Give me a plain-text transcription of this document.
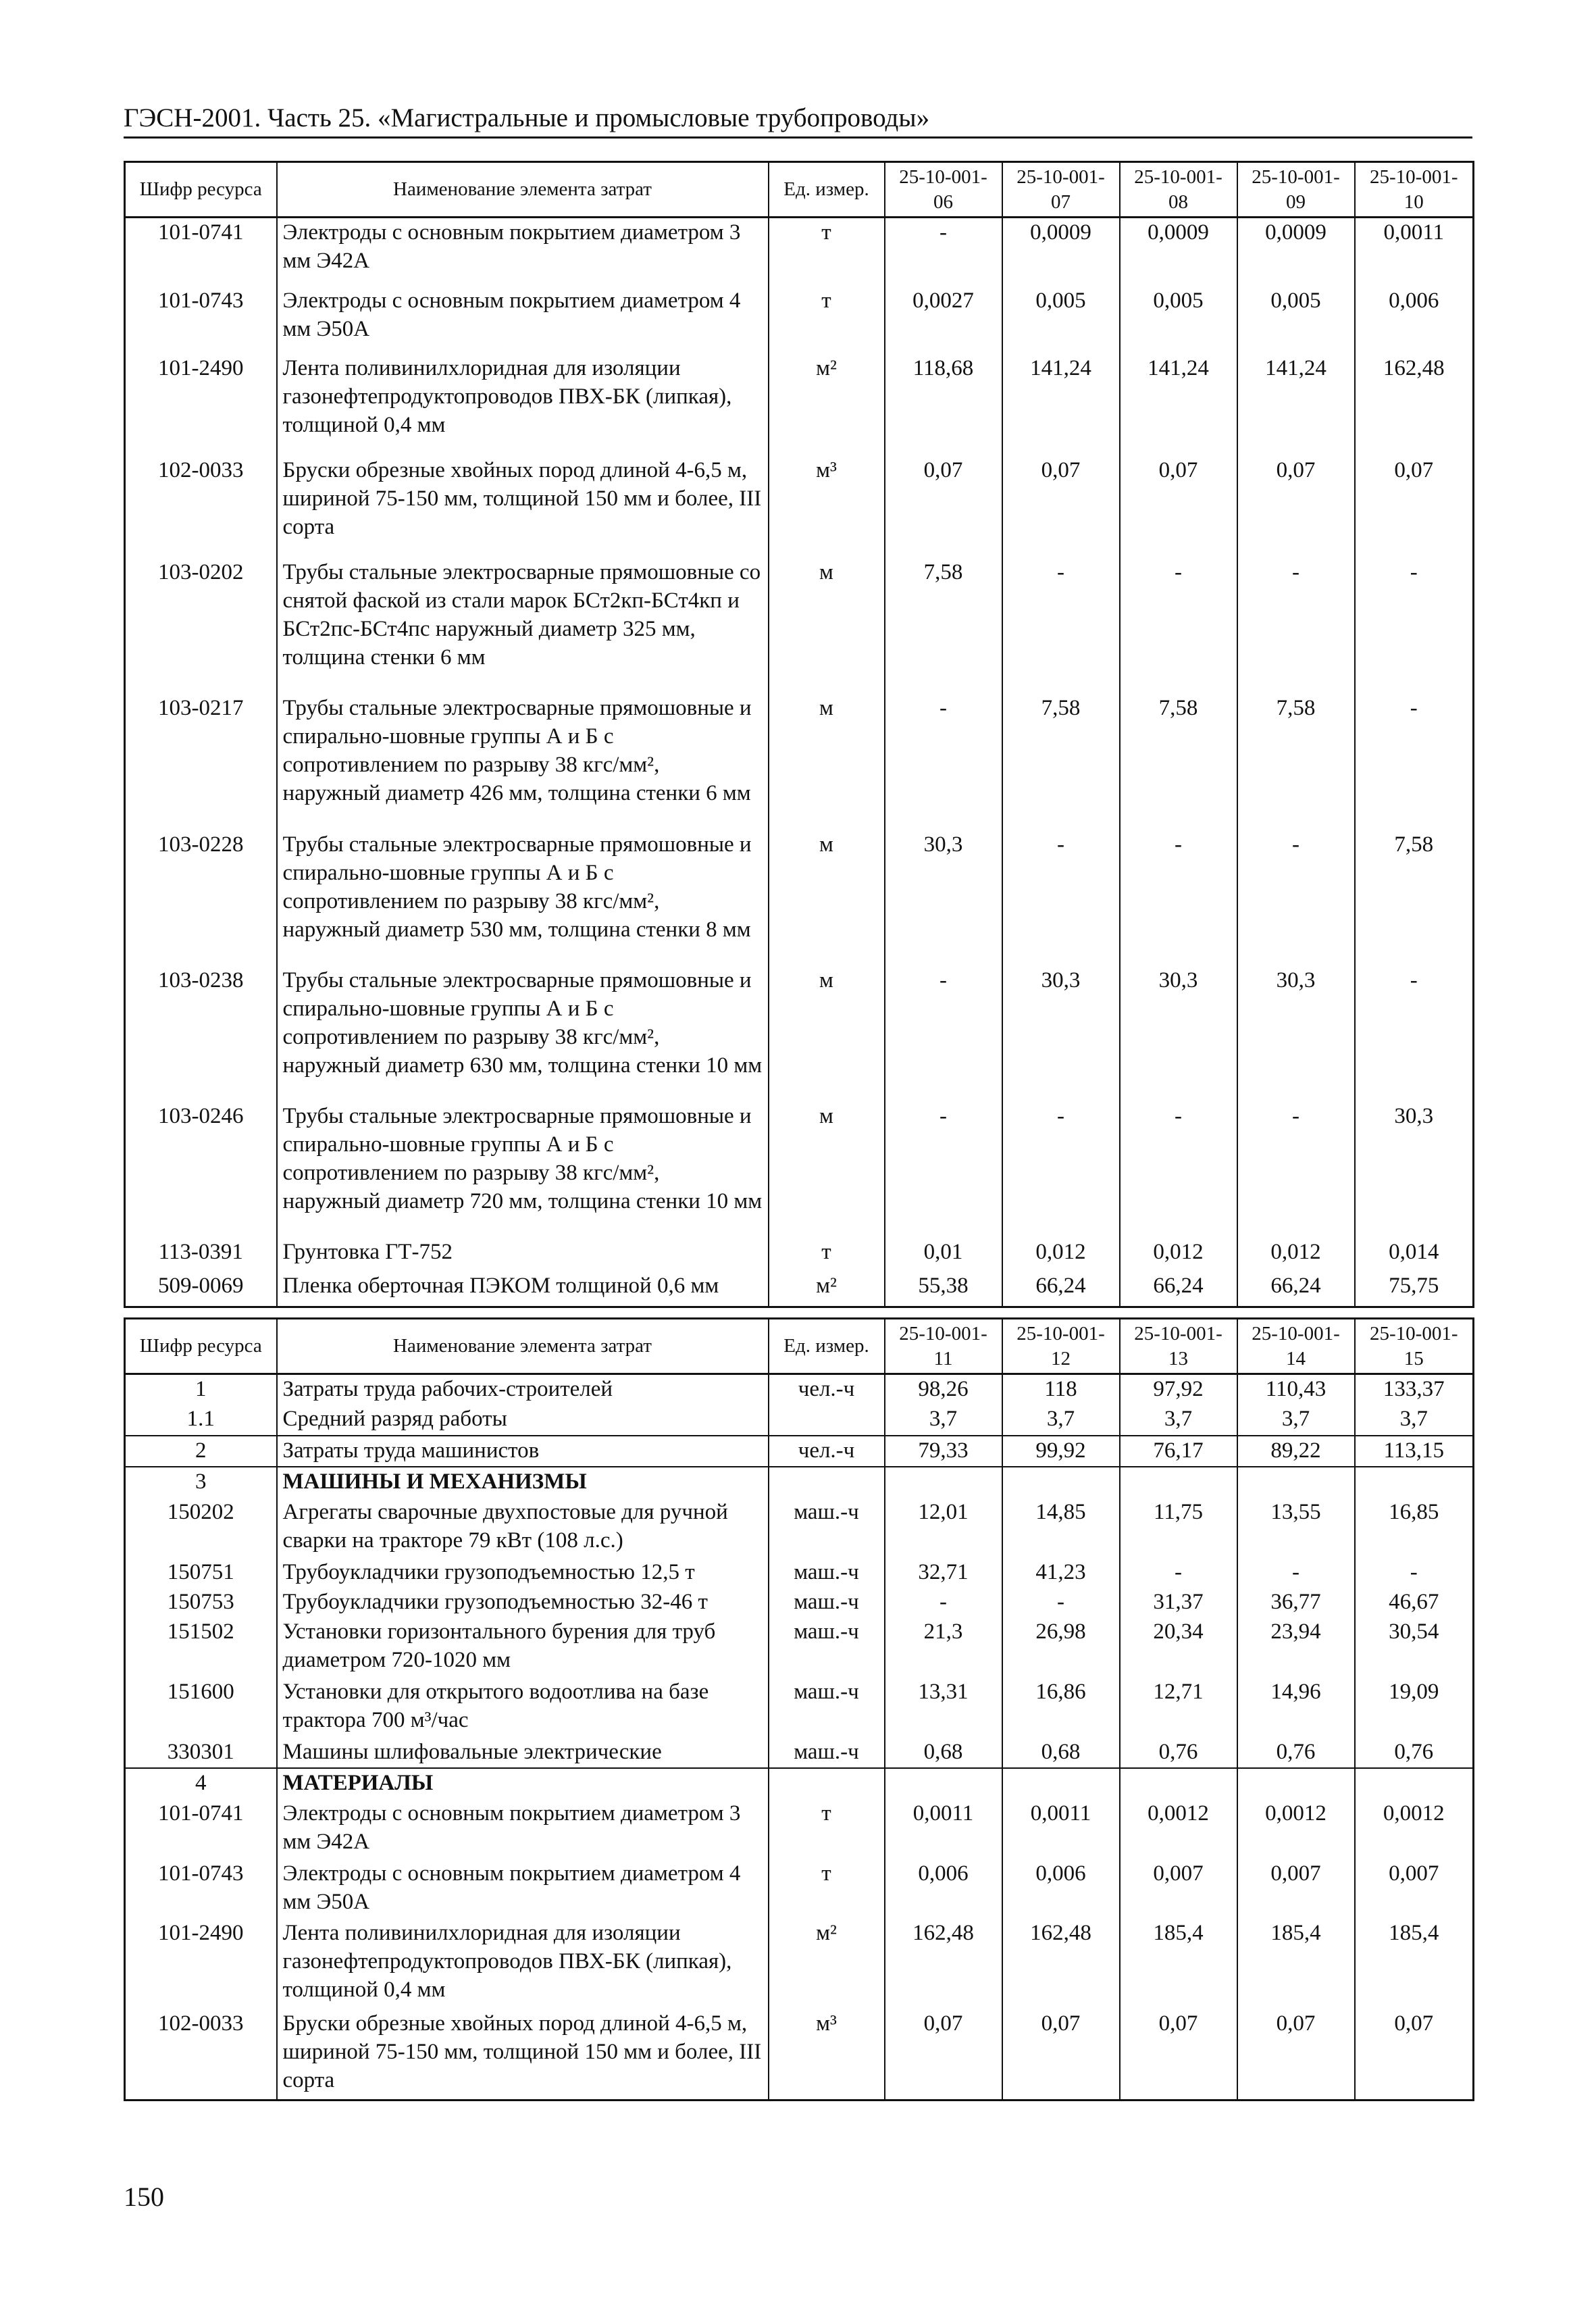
ГЭСН-2001. Часть 25. «Магистральные и промысловые трубопроводы»
Шифр ресурса	Наименование элемента затрат	Ед. измер.	25-10-001-06	25-10-001-07	25-10-001-08	25-10-001-09	25-10-001-10
101-0741	Электроды с основным покрытием диаметром 3 мм Э42А	т	-	0,0009	0,0009	0,0009	0,0011
101-0743	Электроды с основным покрытием диаметром 4 мм Э50А	т	0,0027	0,005	0,005	0,005	0,006
101-2490	Лента поливинилхлоридная для изоляции газонефтепродуктопроводов ПВХ-БК (липкая), толщиной 0,4 мм	м²	118,68	141,24	141,24	141,24	162,48
102-0033	Бруски обрезные хвойных пород длиной 4-6,5 м, шириной 75-150 мм, толщиной 150 мм и более, III сорта	м³	0,07	0,07	0,07	0,07	0,07
103-0202	Трубы стальные электросварные прямошовные со снятой фаской из стали марок БСт2кп-БСт4кп и БСт2пс-БСт4пс наружный диаметр 325 мм, толщина стенки 6 мм	м	7,58	-	-	-	-
103-0217	Трубы стальные электросварные прямошовные и спирально-шовные группы А и Б с сопротивлением по разрыву 38 кгс/мм², наружный диаметр 426 мм, толщина стенки 6 мм	м	-	7,58	7,58	7,58	-
103-0228	Трубы стальные электросварные прямошовные и спирально-шовные группы А и Б с сопротивлением по разрыву 38 кгс/мм², наружный диаметр 530 мм, толщина стенки 8 мм	м	30,3	-	-	-	7,58
103-0238	Трубы стальные электросварные прямошовные и спирально-шовные группы А и Б с сопротивлением по разрыву 38 кгс/мм², наружный диаметр 630 мм, толщина стенки 10 мм	м	-	30,3	30,3	30,3	-
103-0246	Трубы стальные электросварные прямошовные и спирально-шовные группы А и Б с сопротивлением по разрыву 38 кгс/мм², наружный диаметр 720 мм, толщина стенки 10 мм	м	-	-	-	-	30,3
113-0391	Грунтовка ГТ-752	т	0,01	0,012	0,012	0,012	0,014
509-0069	Пленка оберточная ПЭКОМ толщиной 0,6 мм	м²	55,38	66,24	66,24	66,24	75,75

Шифр ресурса	Наименование элемента затрат	Ед. измер.	25-10-001-11	25-10-001-12	25-10-001-13	25-10-001-14	25-10-001-15
1	Затраты труда рабочих-строителей	чел.-ч	98,26	118	97,92	110,43	133,37
1.1	Средний разряд работы		3,7	3,7	3,7	3,7	3,7
2	Затраты труда машинистов	чел.-ч	79,33	99,92	76,17	89,22	113,15
3	МАШИНЫ И МЕХАНИЗМЫ						
150202	Агрегаты сварочные двухпостовые для ручной сварки на тракторе 79 кВт (108 л.с.)	маш.-ч	12,01	14,85	11,75	13,55	16,85
150751	Трубоукладчики грузоподъемностью 12,5 т	маш.-ч	32,71	41,23	-	-	-
150753	Трубоукладчики грузоподъемностью 32-46 т	маш.-ч	-	-	31,37	36,77	46,67
151502	Установки горизонтального бурения для труб диаметром 720-1020 мм	маш.-ч	21,3	26,98	20,34	23,94	30,54
151600	Установки для открытого водоотлива на базе трактора 700 м³/час	маш.-ч	13,31	16,86	12,71	14,96	19,09
330301	Машины шлифовальные электрические	маш.-ч	0,68	0,68	0,76	0,76	0,76
4	МАТЕРИАЛЫ						
101-0741	Электроды с основным покрытием диаметром 3 мм Э42А	т	0,0011	0,0011	0,0012	0,0012	0,0012
101-0743	Электроды с основным покрытием диаметром 4 мм Э50А	т	0,006	0,006	0,007	0,007	0,007
101-2490	Лента поливинилхлоридная для изоляции газонефтепродуктопроводов ПВХ-БК (липкая), толщиной 0,4 мм	м²	162,48	162,48	185,4	185,4	185,4
102-0033	Бруски обрезные хвойных пород длиной 4-6,5 м, шириной 75-150 мм, толщиной 150 мм и более, III сорта	м³	0,07	0,07	0,07	0,07	0,07

150
